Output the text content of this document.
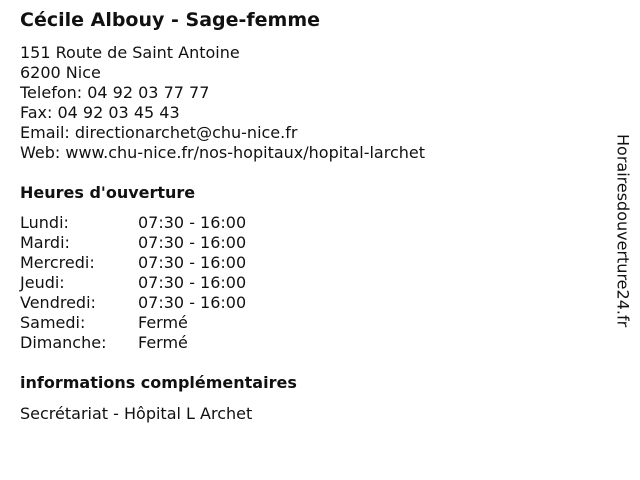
Cécile Albouy - Sage-femme
151 Route de Saint Antoine
6200 Nice
Telefon: 04 92 03 77 77
Fax: 04 92 03 45 43
Email: directionarchet@chu-nice.fr
Web: www.chu-nice.fr/nos-hopitaux/hopital-larchet
Heures d'ouverture
Lundi:	07:30 - 16:00
Mardi:	07:30 - 16:00
Mercredi:	07:30 - 16:00
Jeudi:	07:30 - 16:00
Vendredi:	07:30 - 16:00
Samedi:	Fermé
Dimanche: Fermé
informations complémentaires
Secrétariat - Hôpital L Archet
Horairesdouverture24.fr
